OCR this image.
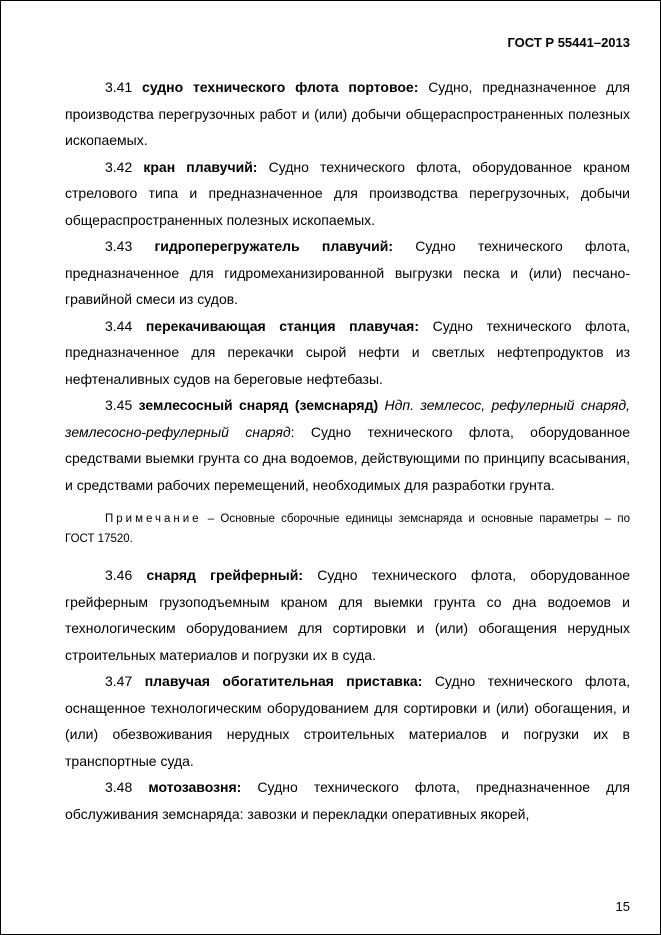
ГОСТ Р 55441–2013

3.41 судно технического флота портовое: Судно, предназначенное для производства перегрузочных работ и (или) добычи общераспространенных полезных ископаемых.

3.42 кран плавучий: Судно технического флота, оборудованное краном стрелового типа и предназначенное для производства перегрузочных, добычи общераспространенных полезных ископаемых.

3.43 гидроперегружатель плавучий: Судно технического флота, предназначенное для гидромеханизированной выгрузки песка и (или) песчано-гравийной смеси из судов.

3.44 перекачивающая станция плавучая: Судно технического флота, предназначенное для перекачки сырой нефти и светлых нефтепродуктов из нефтеналивных судов на береговые нефтебазы.

3.45 землесосный снаряд (земснаряд) Ндп. землесос, рефулерный снаряд, землесосно-рефулерный снаряд: Судно технического флота, оборудованное средствами выемки грунта со дна водоемов, действующими по принципу всасывания, и средствами рабочих перемещений, необходимых для разработки грунта.

Примечание – Основные сборочные единицы земснаряда и основные параметры – по ГОСТ 17520.

3.46 снаряд грейферный: Судно технического флота, оборудованное грейферным грузоподъемным краном для выемки грунта со дна водоемов и технологическим оборудованием для сортировки и (или) обогащения нерудных строительных материалов и погрузки их в суда.

3.47 плавучая обогатительная приставка: Судно технического флота, оснащенное технологическим оборудованием для сортировки и (или) обогащения, и (или) обезвоживания нерудных строительных материалов и погрузки их в транспортные суда.

3.48 мотозавозня: Судно технического флота, предназначенное для обслуживания земснаряда: завозки и перекладки оперативных якорей,

15
